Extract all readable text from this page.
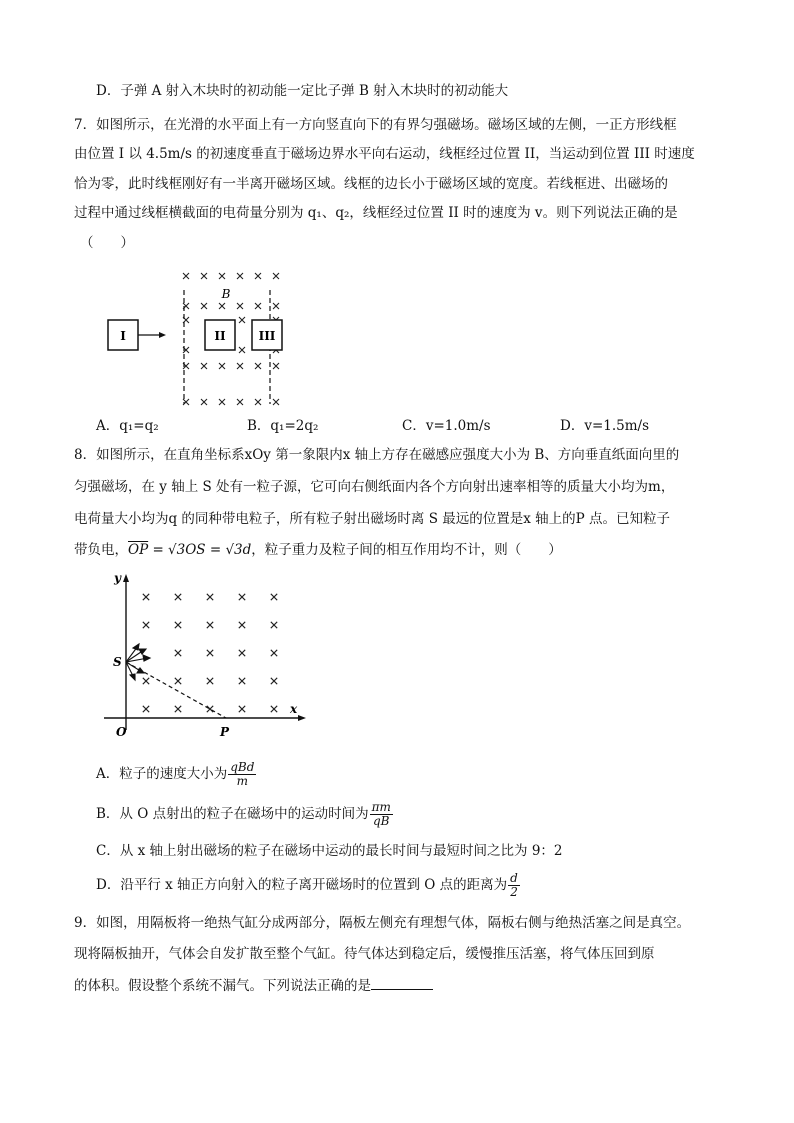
D．子弹 A 射入木块时的初动能一定比子弹 B 射入木块时的初动能大
7．如图所示，在光滑的水平面上有一方向竖直向下的有界匀强磁场。磁场区域的左侧，一正方形线框
由位置 I 以 4.5m/s 的初速度垂直于磁场边界水平向右运动，线框经过位置 II，当运动到位置 III 时速度
恰为零，此时线框刚好有一半离开磁场区域。线框的边长小于磁场区域的宽度。若线框进、出磁场的
过程中通过线框横截面的电荷量分别为 q₁、q₂，线框经过位置 II 时的速度为 v。则下列说法正确的是
（　　）
I	II	III
B
A．q₁=q₂	B．q₁=2q₂	C．v=1.0m/s	D．v=1.5m/s
8．如图所示，在直角坐标系xOy 第一象限内x 轴上方存在磁感应强度大小为 B、方向垂直纸面向里的
匀强磁场，在 y 轴上 S 处有一粒子源，它可向右侧纸面内各个方向射出速率相等的质量大小均为m，
电荷量大小均为q 的同种带电粒子，所有粒子射出磁场时离 S 最远的位置是x 轴上的P 点。已知粒子
带负电，$\overline{OP} = √3OS = √3d$，粒子重力及粒子间的相互作用均不计，则（　　）
y
x
O
S
P
A．粒子的速度大小为 $\frac{\text{qBd}}{m}$
B．从 O 点射出的粒子在磁场中的运动时间为 $\frac{\pi m}{qB}$
C．从 x 轴上射出磁场的粒子在磁场中运动的最长时间与最短时间之比为 9：2
D．沿平行 x 轴正方向射入的粒子离开磁场时的位置到 O 点的距离为 $\frac{d}{2}$
9．如图，用隔板将一绝热气缸分成两部分，隔板左侧充有理想气体，隔板右侧与绝热活塞之间是真空。
现将隔板抽开，气体会自发扩散至整个气缸。待气体达到稳定后，缓慢推压活塞，将气体压回到原
的体积。假设整个系统不漏气。下列说法正确的是
